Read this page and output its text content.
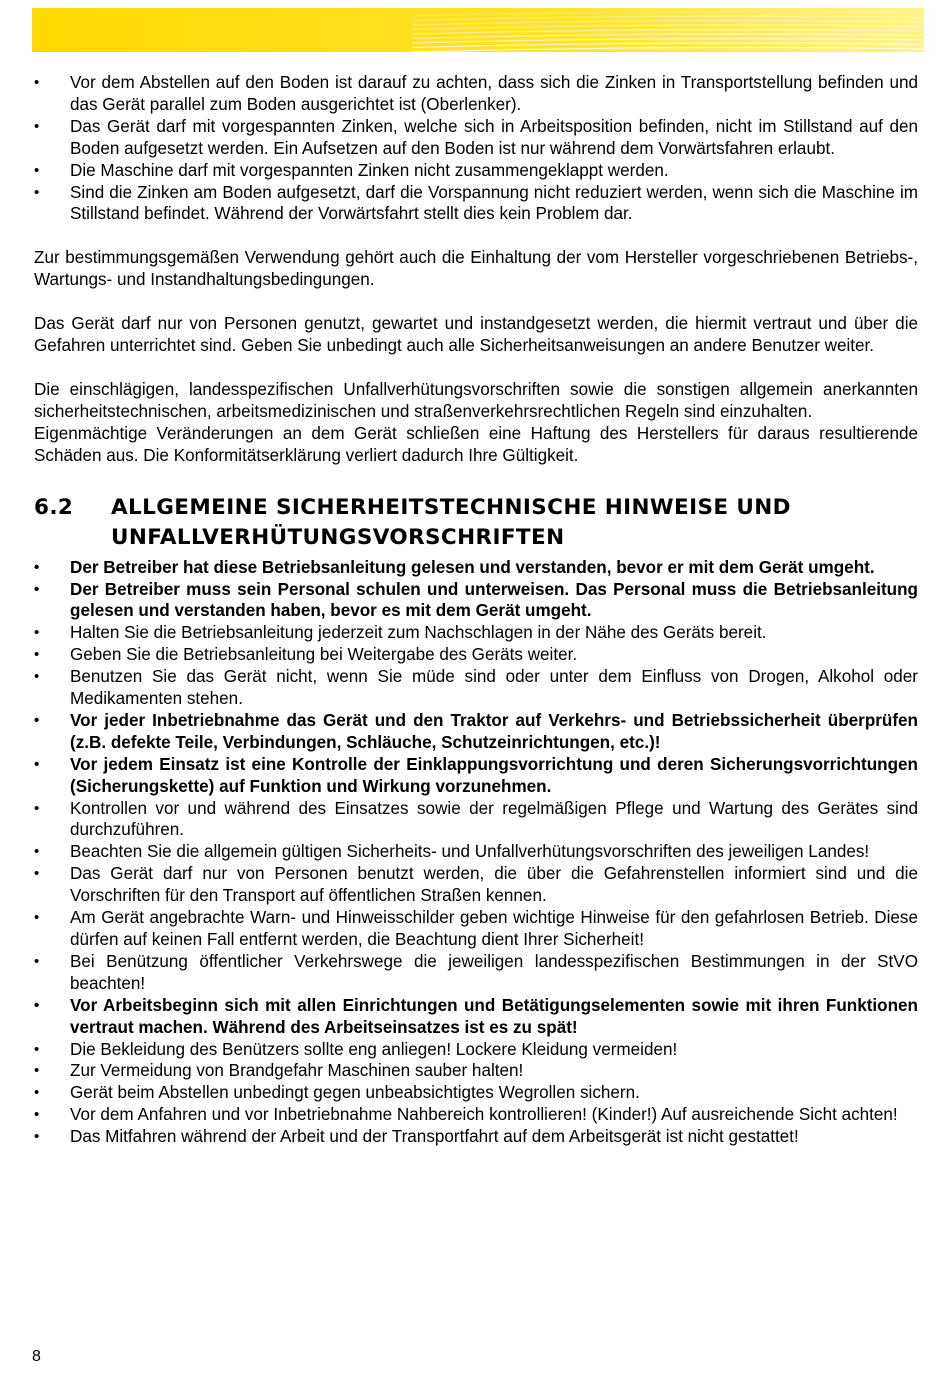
• Vor dem Abstellen auf den Boden ist darauf zu achten, dass sich die Zinken in Transportstellung befinden und das Gerät parallel zum Boden ausgerichtet ist (Oberlenker).
• Das Gerät darf mit vorgespannten Zinken, welche sich in Arbeitsposition befinden, nicht im Stillstand auf den Boden aufgesetzt werden. Ein Aufsetzen auf den Boden ist nur während dem Vorwärtsfahren erlaubt.
• Die Maschine darf mit vorgespannten Zinken nicht zusammengeklappt werden.
• Sind die Zinken am Boden aufgesetzt, darf die Vorspannung nicht reduziert werden, wenn sich die Maschine im Stillstand befindet. Während der Vorwärtsfahrt stellt dies kein Problem dar.

Zur bestimmungsgemäßen Verwendung gehört auch die Einhaltung der vom Hersteller vorgeschriebenen Betriebs-, Wartungs- und Instandhaltungsbedingungen.

Das Gerät darf nur von Personen genutzt, gewartet und instandgesetzt werden, die hiermit vertraut und über die Gefahren unterrichtet sind. Geben Sie unbedingt auch alle Sicherheitsanweisungen an andere Benutzer weiter.

Die einschlägigen, landesspezifischen Unfallverhütungsvorschriften sowie die sonstigen allgemein anerkannten sicherheitstechnischen, arbeitsmedizinischen und straßenverkehrsrechtlichen Regeln sind einzuhalten.

Eigenmächtige Veränderungen an dem Gerät schließen eine Haftung des Herstellers für daraus resultierende Schäden aus. Die Konformitätserklärung verliert dadurch Ihre Gültigkeit.

6.2 ALLGEMEINE SICHERHEITSTECHNISCHE HINWEISE UND
UNFALLVERHÜTUNGSVORSCHRIFTEN
• Der Betreiber hat diese Betriebsanleitung gelesen und verstanden, bevor er mit dem Gerät umgeht.
• Der Betreiber muss sein Personal schulen und unterweisen. Das Personal muss die Betriebsanleitung gelesen und verstanden haben, bevor es mit dem Gerät umgeht.
• Halten Sie die Betriebsanleitung jederzeit zum Nachschlagen in der Nähe des Geräts bereit.
• Geben Sie die Betriebsanleitung bei Weitergabe des Geräts weiter.
• Benutzen Sie das Gerät nicht, wenn Sie müde sind oder unter dem Einfluss von Drogen, Alkohol oder Medikamenten stehen.
• Vor jeder Inbetriebnahme das Gerät und den Traktor auf Verkehrs- und Betriebssicherheit überprüfen (z.B. defekte Teile, Verbindungen, Schläuche, Schutzeinrichtungen, etc.)!
• Vor jedem Einsatz ist eine Kontrolle der Einklappungsvorrichtung und deren Sicherungsvorrichtungen (Sicherungskette) auf Funktion und Wirkung vorzunehmen.
• Kontrollen vor und während des Einsatzes sowie der regelmäßigen Pflege und Wartung des Gerätes sind durchzuführen.
• Beachten Sie die allgemein gültigen Sicherheits- und Unfallverhütungsvorschriften des jeweiligen Landes!
• Das Gerät darf nur von Personen benutzt werden, die über die Gefahrenstellen informiert sind und die Vorschriften für den Transport auf öffentlichen Straßen kennen.
• Am Gerät angebrachte Warn- und Hinweisschilder geben wichtige Hinweise für den gefahrlosen Betrieb. Diese dürfen auf keinen Fall entfernt werden, die Beachtung dient Ihrer Sicherheit!
• Bei Benützung öffentlicher Verkehrswege die jeweiligen landesspezifischen Bestimmungen in der StVO beachten!
• Vor Arbeitsbeginn sich mit allen Einrichtungen und Betätigungselementen sowie mit ihren Funktionen vertraut machen. Während des Arbeitseinsatzes ist es zu spät!
• Die Bekleidung des Benützers sollte eng anliegen! Lockere Kleidung vermeiden!
• Zur Vermeidung von Brandgefahr Maschinen sauber halten!
• Gerät beim Abstellen unbedingt gegen unbeabsichtigtes Wegrollen sichern.
• Vor dem Anfahren und vor Inbetriebnahme Nahbereich kontrollieren! (Kinder!) Auf ausreichende Sicht achten!
• Das Mitfahren während der Arbeit und der Transportfahrt auf dem Arbeitsgerät ist nicht gestattet!
8
